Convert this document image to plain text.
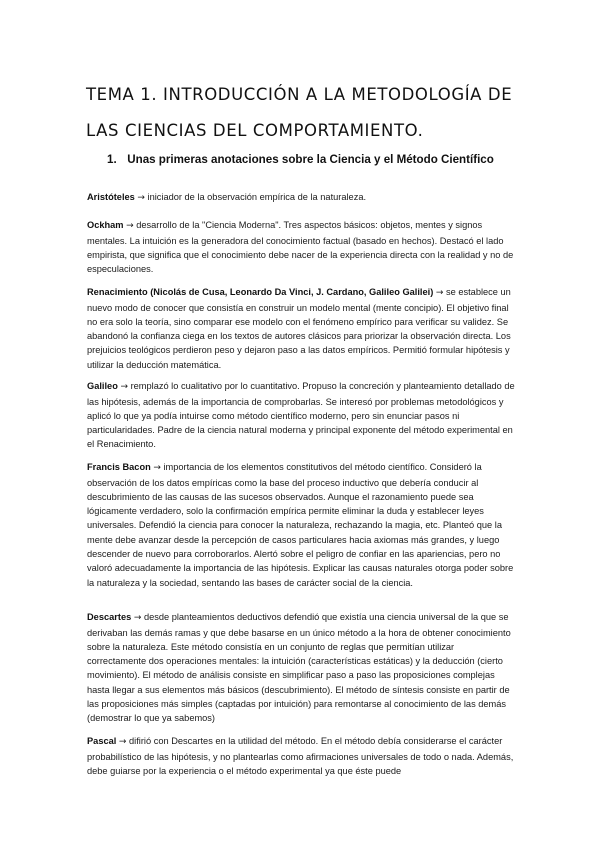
TEMA 1. INTRODUCCIÓN A LA METODOLOGÍA DE LAS CIENCIAS DEL COMPORTAMIENTO.
1. Unas primeras anotaciones sobre la Ciencia y el Método Científico

Aristóteles → iniciador de la observación empírica de la naturaleza.

Ockham → desarrollo de la "Ciencia Moderna". Tres aspectos básicos: objetos, mentes y signos mentales. La intuición es la generadora del conocimiento factual (basado en hechos). Destacó el lado empirista, que significa que el conocimiento debe nacer de la experiencia directa con la realidad y no de especulaciones.

Renacimiento (Nicolás de Cusa, Leonardo Da Vinci, J. Cardano, Galileo Galilei) → se establece un nuevo modo de conocer que consistía en construir un modelo mental (mente concipio). El objetivo final no era solo la teoría, sino comparar ese modelo con el fenómeno empírico para verificar su validez. Se abandonó la confianza ciega en los textos de autores clásicos para priorizar la observación directa. Los prejuicios teológicos perdieron peso y dejaron paso a las datos empíricos. Permitió formular hipótesis y utilizar la deducción matemática.

Galileo → remplazó lo cualitativo por lo cuantitativo. Propuso la concreción y planteamiento detallado de las hipótesis, además de la importancia de comprobarlas. Se interesó por problemas metodológicos y aplicó lo que ya podía intuirse como método científico moderno, pero sin enunciar pasos ni particularidades. Padre de la ciencia natural moderna y principal exponente del método experimental en el Renacimiento.

Francis Bacon → importancia de los elementos constitutivos del método científico. Consideró la observación de los datos empíricas como la base del proceso inductivo que debería conducir al descubrimiento de las causas de las sucesos observados. Aunque el razonamiento puede sea lógicamente verdadero, solo la confirmación empírica permite eliminar la duda y establecer leyes universales. Defendió la ciencia para conocer la naturaleza, rechazando la magia, etc. Planteó que la mente debe avanzar desde la percepción de casos particulares hacia axiomas más grandes, y luego descender de nuevo para corroborarlos. Alertó sobre el peligro de confiar en las apariencias, pero no valoró adecuadamente la importancia de las hipótesis. Explicar las causas naturales otorga poder sobre la naturaleza y la sociedad, sentando las bases de carácter social de la ciencia.

Descartes → desde planteamientos deductivos defendió que existía una ciencia universal de la que se derivaban las demás ramas y que debe basarse en un único método a la hora de obtener conocimiento sobre la naturaleza. Este método consistía en un conjunto de reglas que permitían utilizar correctamente dos operaciones mentales: la intuición (características estáticas) y la deducción (cierto movimiento). El método de análisis consiste en simplificar paso a paso las proposiciones complejas hasta llegar a sus elementos más básicos (descubrimiento). El método de síntesis consiste en partir de las proposiciones más simples (captadas por intuición) para remontarse al conocimiento de las demás (demostrar lo que ya sabemos)

Pascal → difirió con Descartes en la utilidad del método. En el método debía considerarse el carácter probabilístico de las hipótesis, y no plantearlas como afirmaciones universales de todo o nada. Además, debe guiarse por la experiencia o el método experimental ya que éste puede
